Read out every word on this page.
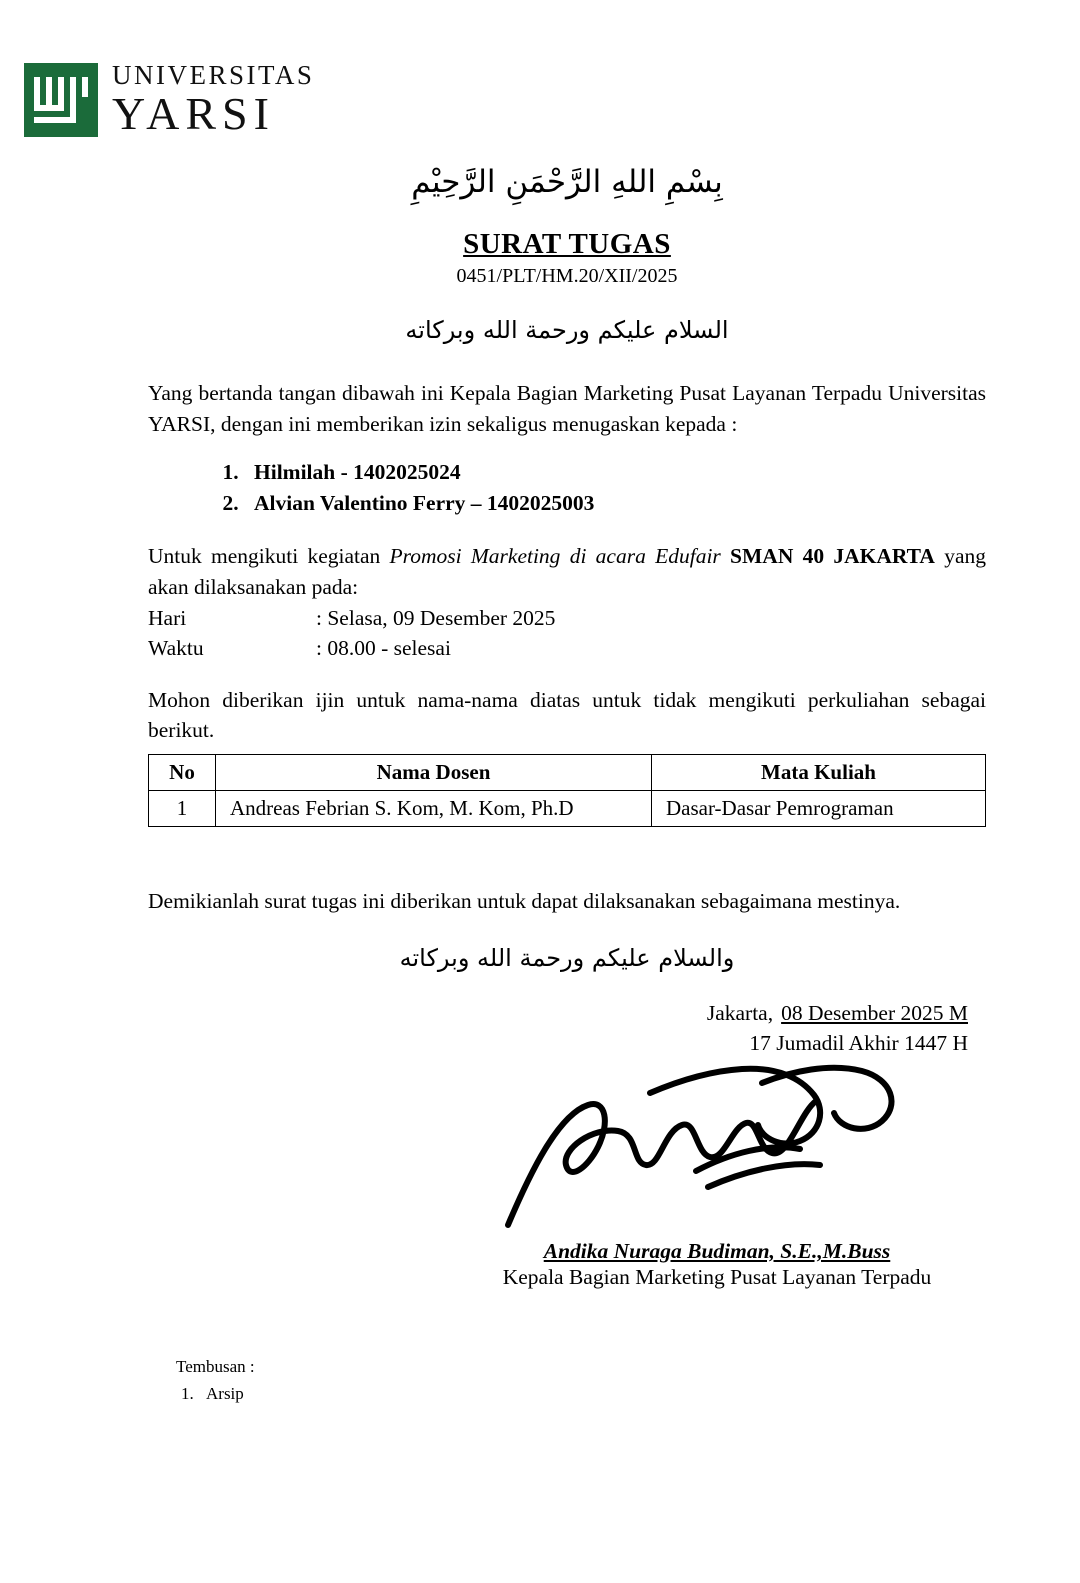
UNIVERSITAS
YARSI
بِسْمِ اللهِ الرَّحْمَنِ الرَّحِيْمِ
SURAT TUGAS
0451/PLT/HM.20/XII/2025
السلام عليكم ورحمة الله وبركاته

Yang bertanda tangan dibawah ini Kepala Bagian Marketing Pusat Layanan Terpadu Universitas YARSI, dengan ini memberikan izin sekaligus menugaskan kepada :

1. Hilmilah - 1402025024
2. Alvian Valentino Ferry – 1402025003

Untuk mengikuti kegiatan Promosi Marketing di acara Edufair SMAN 40 JAKARTA yang akan dilaksanakan pada:

Hari	: Selasa, 09 Desember 2025
Waktu	: 08.00 - selesai

Mohon diberikan ijin untuk nama-nama diatas untuk tidak mengikuti perkuliahan sebagai berikut.

No	Nama Dosen	Mata Kuliah
1	Andreas Febrian S. Kom, M. Kom, Ph.D	Dasar-Dasar Pemrograman

Demikianlah surat tugas ini diberikan untuk dapat dilaksanakan sebagaimana mestinya.

والسلام عليكم ورحمة الله وبركاته
Jakarta, 08 Desember 2025 M
17 Jumadil Akhir 1447 H
Andika Nuraga Budiman, S.E.,M.Buss
Kepala Bagian Marketing Pusat Layanan Terpadu
Tembusan :
1. Arsip
